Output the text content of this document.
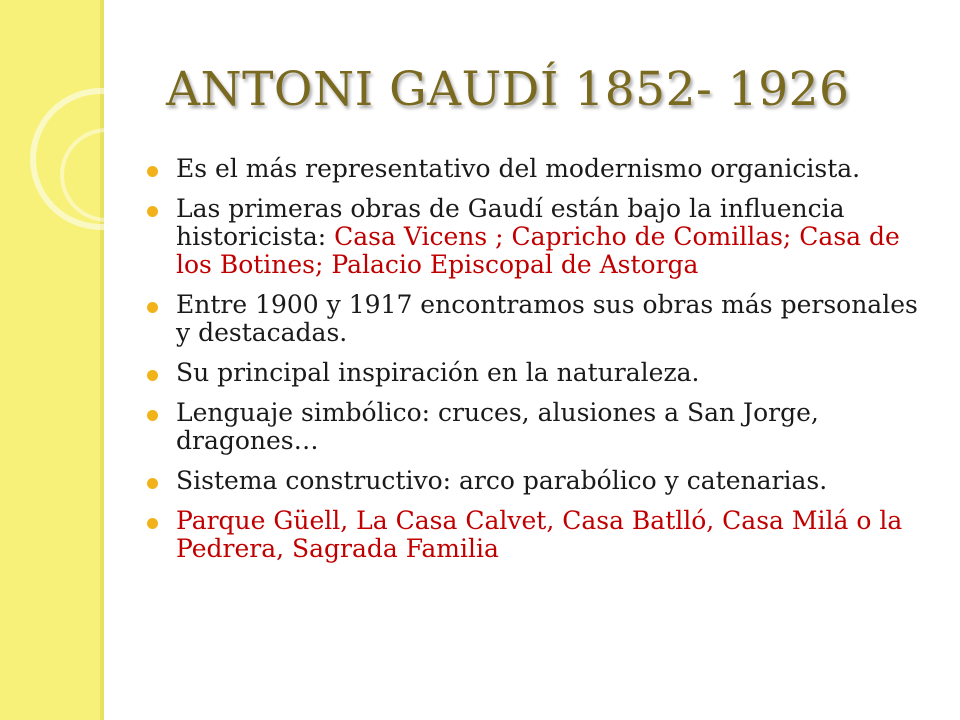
ANTONI GAUDÍ 1852- 1926
Es el más representativo del modernismo organicista.
Las primeras obras de Gaudí están bajo la influencia historicista: Casa Vicens ; Capricho de Comillas; Casa de los Botines; Palacio Episcopal de Astorga
Entre 1900 y 1917 encontramos sus obras más personales y destacadas.
Su principal inspiración en la naturaleza.
Lenguaje simbólico: cruces, alusiones a San Jorge, dragones…
Sistema constructivo: arco parabólico y catenarias.
Parque Güell, La Casa Calvet, Casa Batlló, Casa Milá o la Pedrera, Sagrada Familia
